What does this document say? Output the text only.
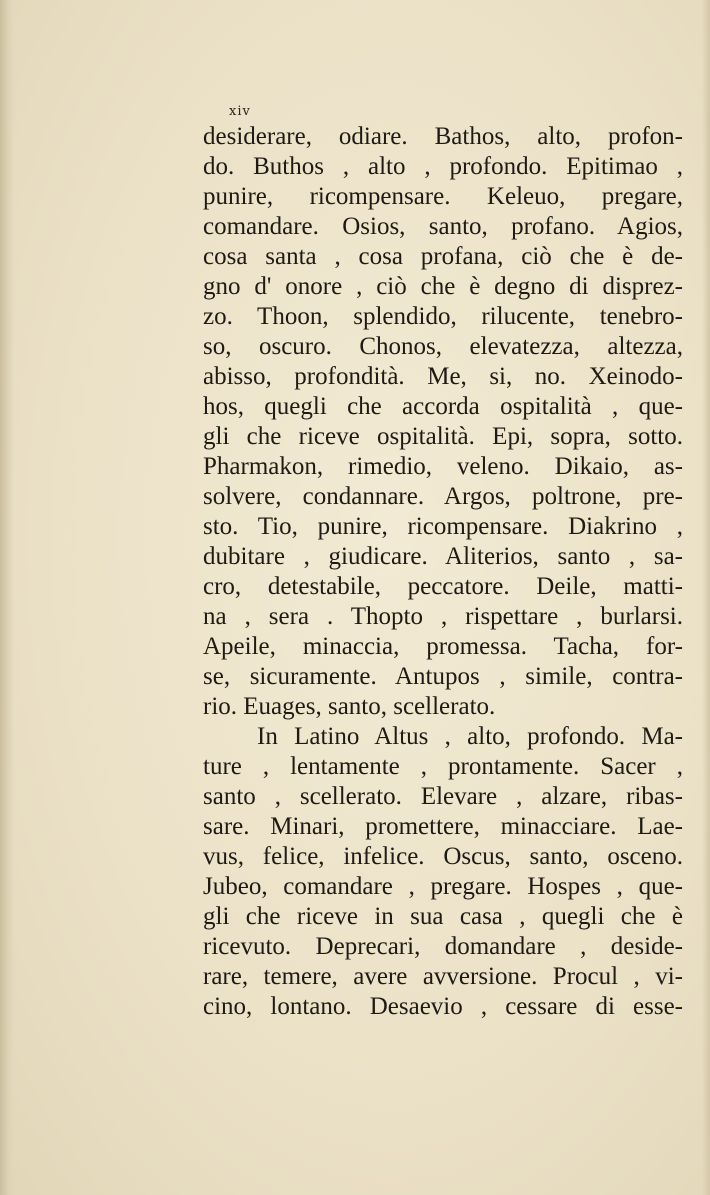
xiv

desiderare, odiare. Bathos, alto, profon-
do. Buthos , alto , profondo. Epitimao ,
punire, ricompensare. Keleuo, pregare,
comandare. Osios, santo, profano. Agios,
cosa santa , cosa profana, ciò che è de-
gno d' onore , ciò che è degno di disprez-
zo. Thoon, splendido, rilucente, tenebro-
so, oscuro. Chonos, elevatezza, altezza,
abisso, profondità. Me, si, no. Xeinodo-
hos, quegli che accorda ospitalità , que-
gli che riceve ospitalità. Epi, sopra, sotto.
Pharmakon, rimedio, veleno. Dikaio, as-
solvere, condannare. Argos, poltrone, pre-
sto. Tio, punire, ricompensare. Diakrino ,
dubitare , giudicare. Aliterios, santo , sa-
cro, detestabile, peccatore. Deile, matti-
na , sera . Thopto , rispettare , burlarsi.
Apeile, minaccia, promessa. Tacha, for-
se, sicuramente. Antupos , simile, contra-
rio. Euages, santo, scellerato.
In Latino Altus , alto, profondo. Ma-
ture , lentamente , prontamente. Sacer ,
santo , scellerato. Elevare , alzare, ribas-
sare. Minari, promettere, minacciare. Lae-
vus, felice, infelice. Oscus, santo, osceno.
Jubeo, comandare , pregare. Hospes , que-
gli che riceve in sua casa , quegli che è
ricevuto. Deprecari, domandare , deside-
rare, temere, avere avversione. Procul , vi-
cino, lontano. Desaevio , cessare di esse-
